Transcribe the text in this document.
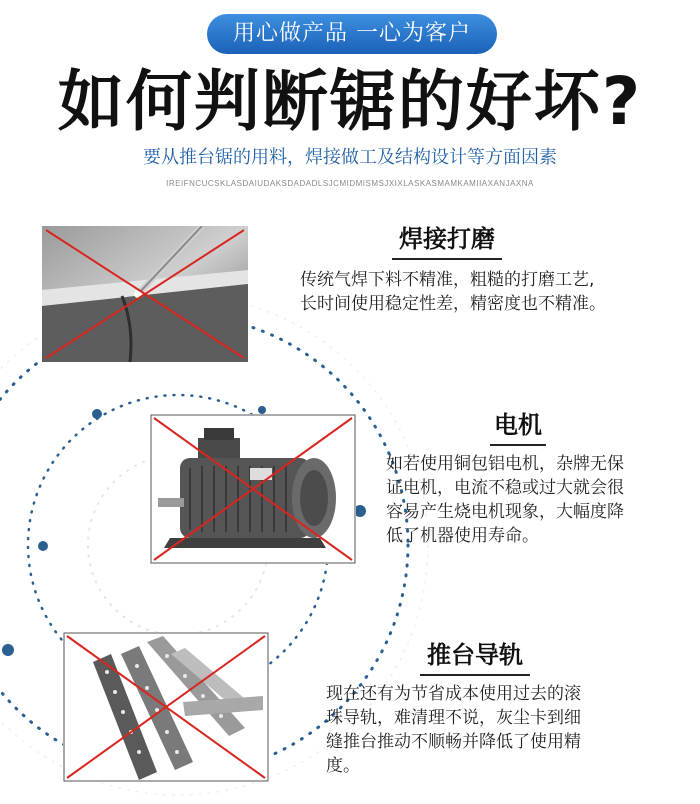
用心做产品 一心为客户
如何判断锯的好坏?
要从推台锯的用料，焊接做工及结构设计等方面因素
IREIFNCUCSKLASDAIUDAKSDADADLSJCMIDMISMSJXIXLASKASMAMKAMIIAXANJAXNA
焊接打磨
传统气焊下料不精准，粗糙的打磨工艺,
长时间使用稳定性差，精密度也不精准。
电机
如若使用铜包铝电机，杂牌无保
证电机，电流不稳或过大就会很
容易产生烧电机现象，大幅度降
低了机器使用寿命。
推台导轨
现在还有为节省成本使用过去的滚
珠导轨，难清理不说，灰尘卡到细
缝推台推动不顺畅并降低了使用精
度。
